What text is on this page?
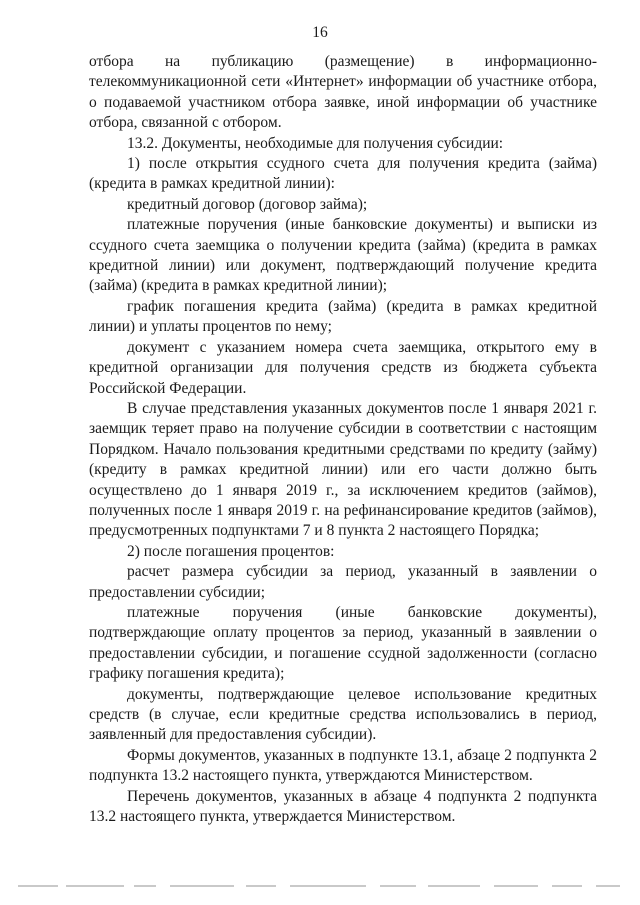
16

отбора на публикацию (размещение) в информационно-телекоммуникационной сети «Интернет» информации об участнике отбора, о подаваемой участником отбора заявке, иной информации об участнике отбора, связанной с отбором.

13.2. Документы, необходимые для получения субсидии:

1) после открытия ссудного счета для получения кредита (займа) (кредита в рамках кредитной линии):

кредитный договор (договор займа);

платежные поручения (иные банковские документы) и выписки из ссудного счета заемщика о получении кредита (займа) (кредита в рамках кредитной линии) или документ, подтверждающий получение кредита (займа) (кредита в рамках кредитной линии);

график погашения кредита (займа) (кредита в рамках кредитной линии) и уплаты процентов по нему;

документ с указанием номера счета заемщика, открытого ему в кредитной организации для получения средств из бюджета субъекта Российской Федерации.

В случае представления указанных документов после 1 января 2021 г. заемщик теряет право на получение субсидии в соответствии с настоящим Порядком. Начало пользования кредитными средствами по кредиту (займу) (кредиту в рамках кредитной линии) или его части должно быть осуществлено до 1 января 2019 г., за исключением кредитов (займов), полученных после 1 января 2019 г. на рефинансирование кредитов (займов), предусмотренных подпунктами 7 и 8 пункта 2 настоящего Порядка;

2) после погашения процентов:

расчет размера субсидии за период, указанный в заявлении о предоставлении субсидии;

платежные поручения (иные банковские документы), подтверждающие оплату процентов за период, указанный в заявлении о предоставлении субсидии, и погашение ссудной задолженности (согласно графику погашения кредита);

документы, подтверждающие целевое использование кредитных средств (в случае, если кредитные средства использовались в период, заявленный для предоставления субсидии).

Формы документов, указанных в подпункте 13.1, абзаце 2 подпункта 2 подпункта 13.2 настоящего пункта, утверждаются Министерством.

Перечень документов, указанных в абзаце 4 подпункта 2 подпункта 13.2 настоящего пункта, утверждается Министерством.
